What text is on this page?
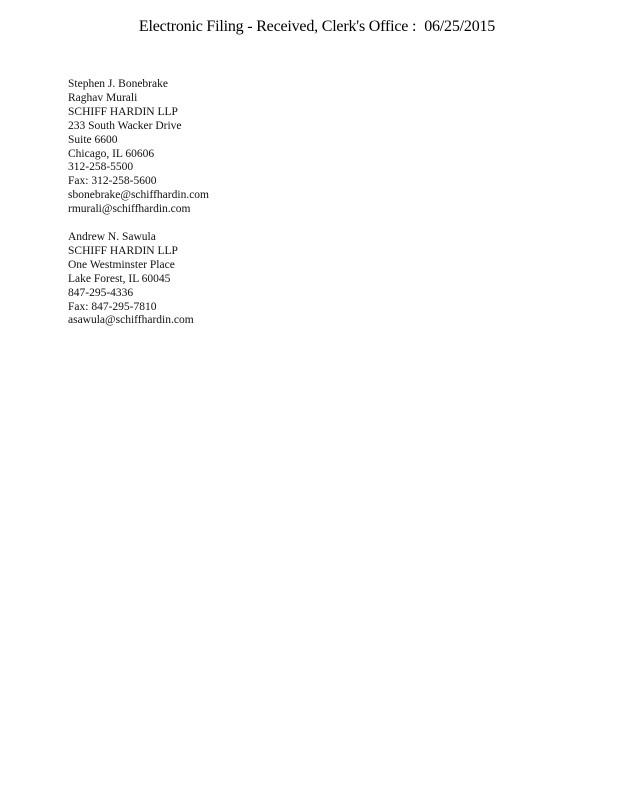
Electronic Filing - Received, Clerk's Office : 06/25/2015
Stephen J. Bonebrake
Raghav Murali
SCHIFF HARDIN LLP
233 South Wacker Drive
Suite 6600
Chicago, IL 60606
312-258-5500
Fax: 312-258-5600
sbonebrake@schiffhardin.com
rmurali@schiffhardin.com
Andrew N. Sawula
SCHIFF HARDIN LLP
One Westminster Place
Lake Forest, IL 60045
847-295-4336
Fax: 847-295-7810
asawula@schiffhardin.com
